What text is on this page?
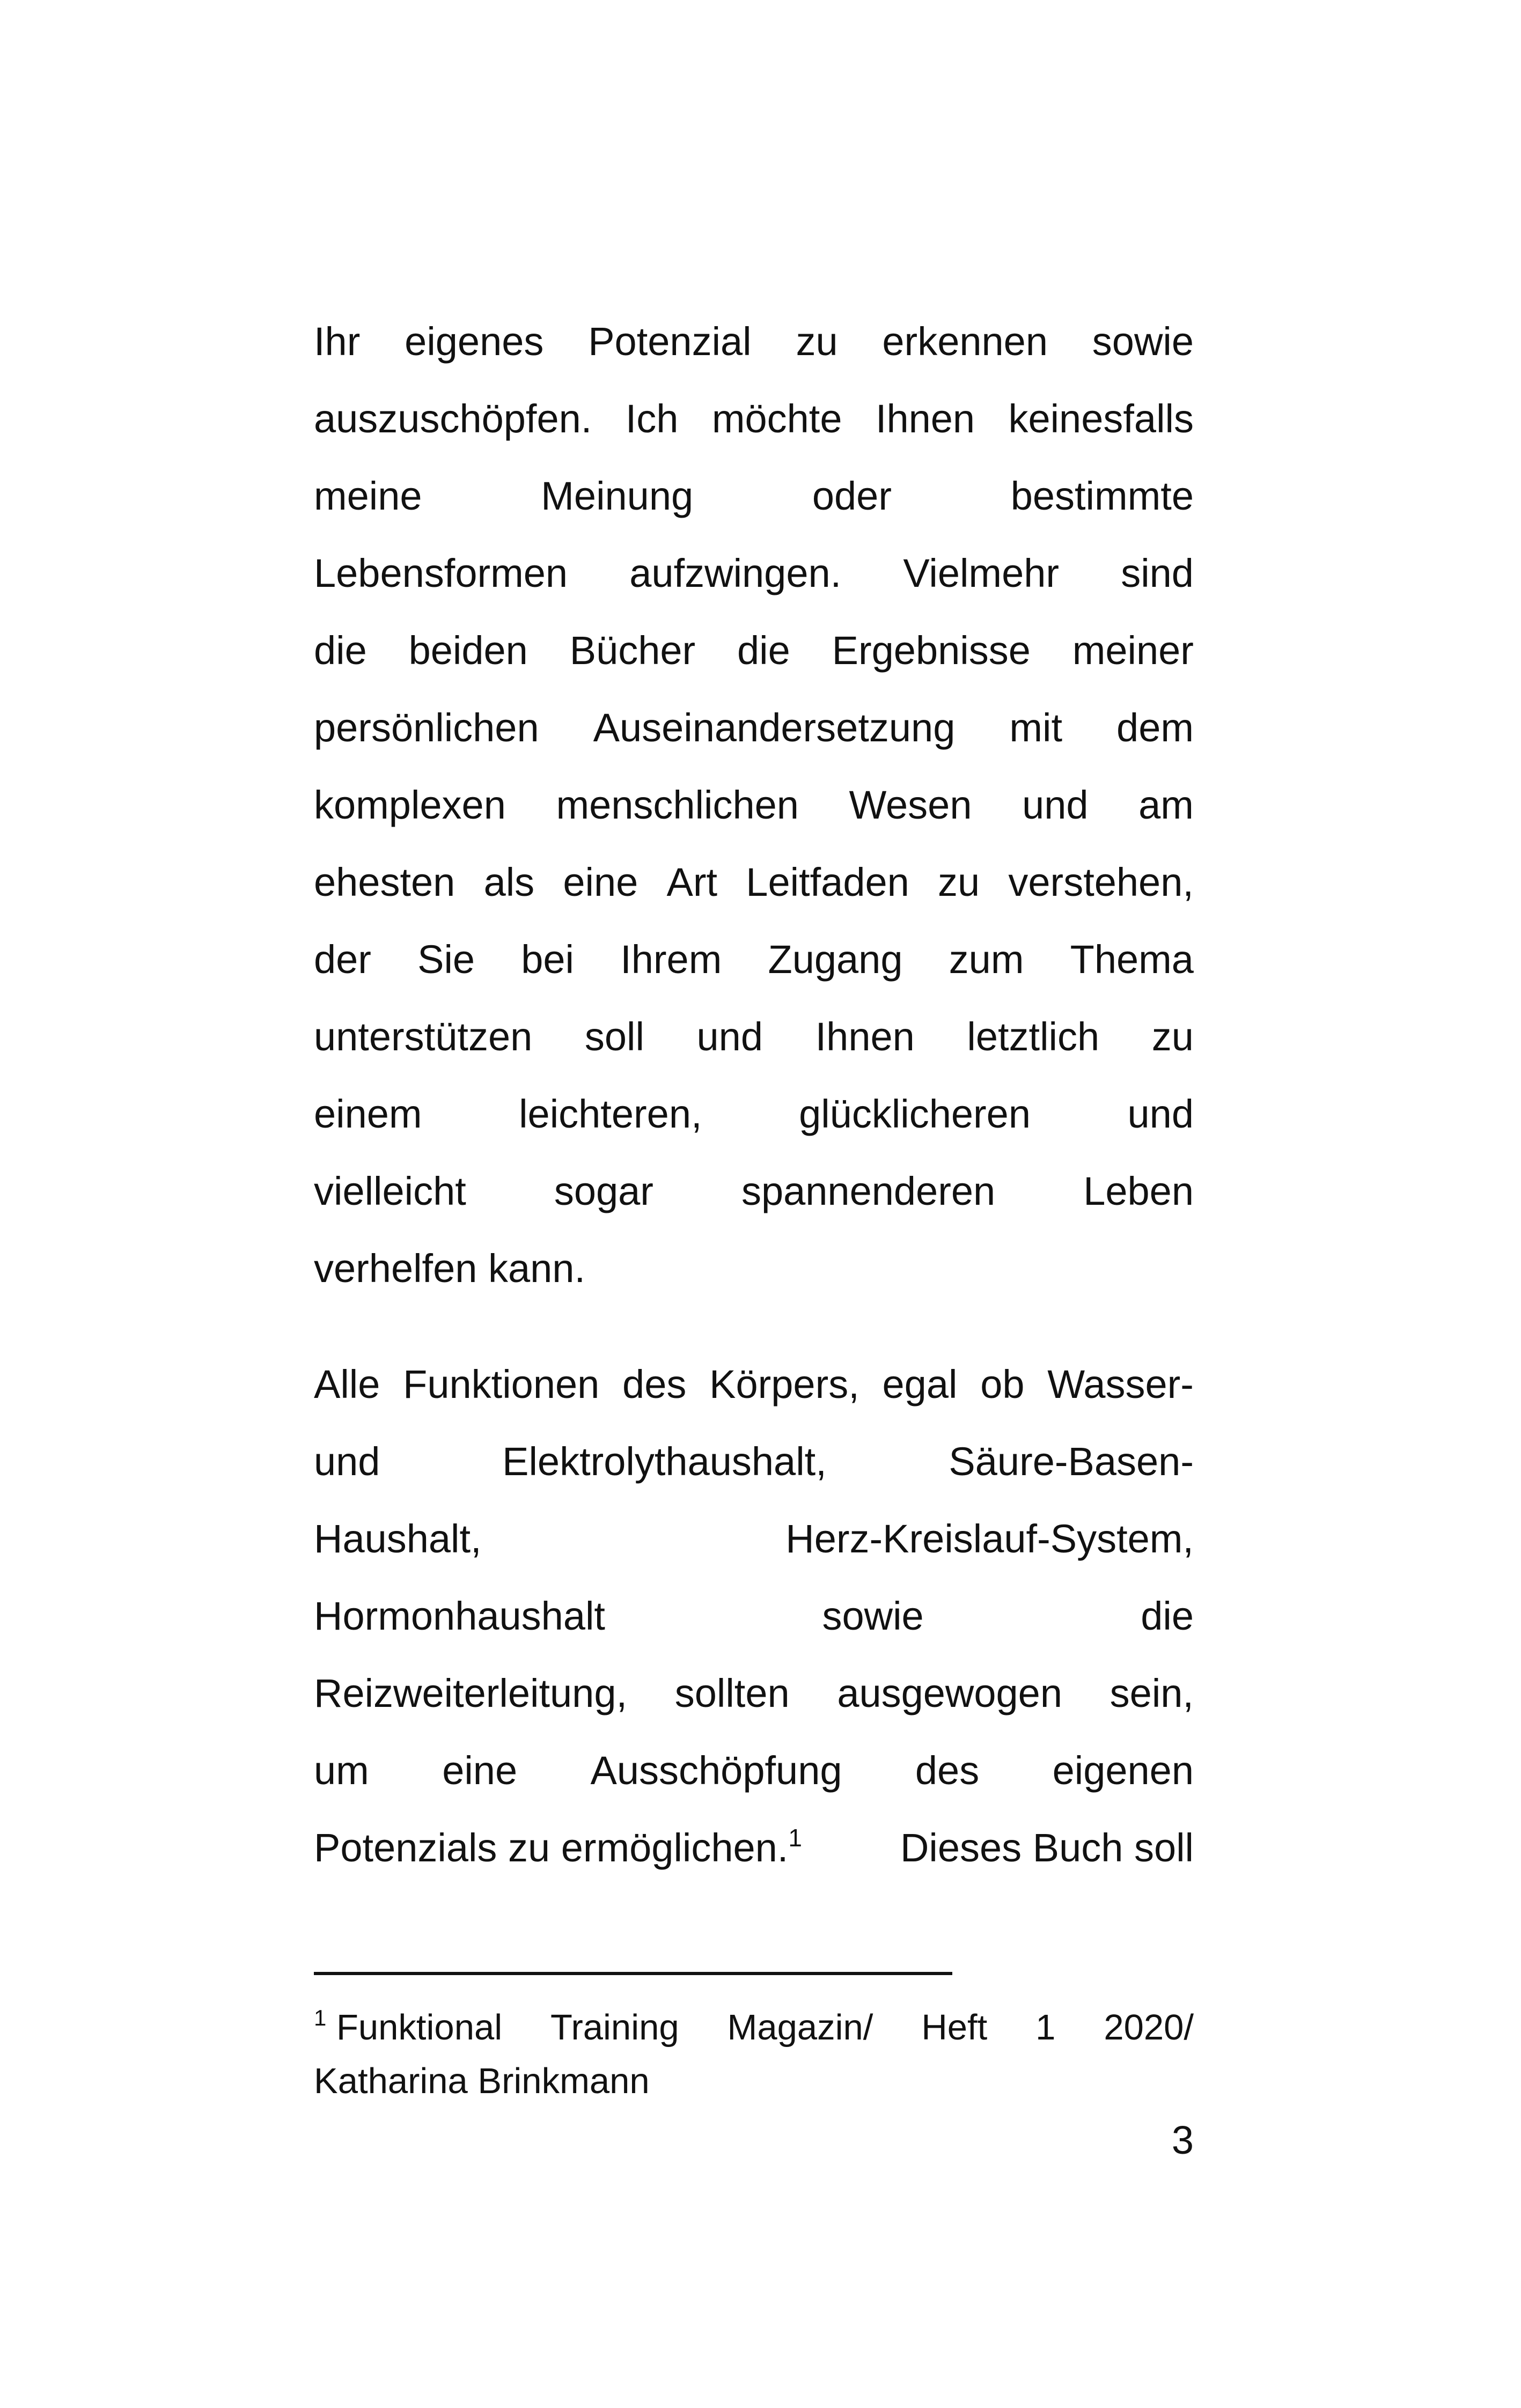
Ihr eigenes Potenzial zu erkennen sowie
auszuschöpfen. Ich möchte Ihnen keinesfalls
meine	Meinung	oder	bestimmte
Lebensformen aufzwingen. Vielmehr sind
die beiden Bücher die Ergebnisse meiner
persönlichen Auseinandersetzung mit dem
komplexen menschlichen Wesen und am
ehesten als eine Art Leitfaden zu verstehen,
der Sie bei Ihrem Zugang zum Thema
unterstützen soll und Ihnen letztlich zu
einem leichteren, glücklicheren und
vielleicht sogar spannenderen Leben
verhelfen kann.
Alle Funktionen des Körpers, egal ob Wasser-
und	Elektrolythaushalt,	Säure-Basen-
Haushalt,	Herz-Kreislauf-System,
Hormonhaushalt	sowie	die
Reizweiterleitung, sollten ausgewogen sein,
um eine Ausschöpfung des eigenen
Potenzials zu ermöglichen.$^1$ Dieses Buch soll
$^1$ Funktional Training Magazin/ Heft 1 2020/
Katharina Brinkmann
3
